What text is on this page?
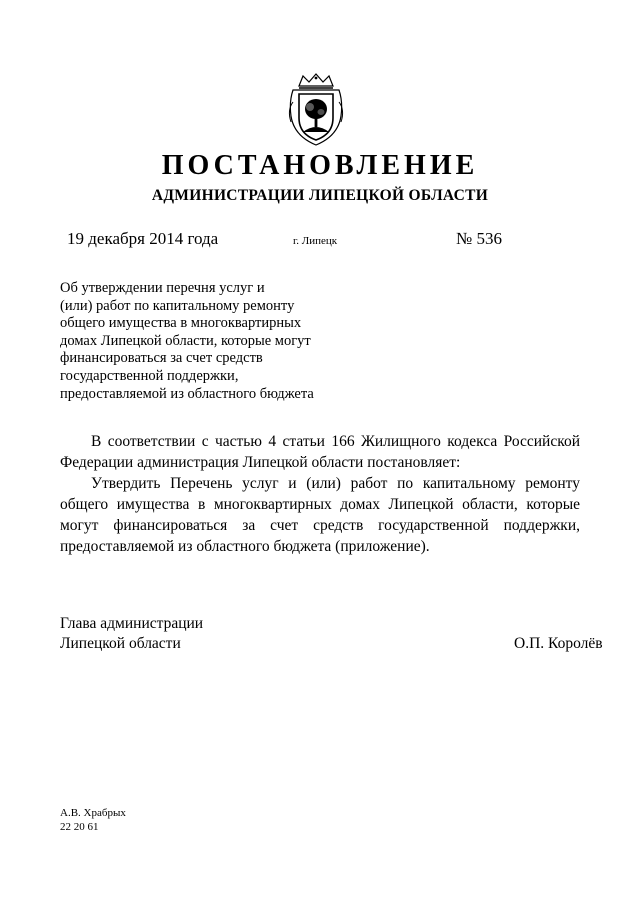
ПОСТАНОВЛЕНИЕ
АДМИНИСТРАЦИИ ЛИПЕЦКОЙ ОБЛАСТИ
19 декабря 2014 года	г. Липецк	№ 536
Об утверждении перечня услуг и
(или) работ по капитальному ремонту
общего имущества в многоквартирных
домах Липецкой области, которые могут
финансироваться за счет средств
государственной поддержки,
предоставляемой из областного бюджета

В соответствии с частью 4 статьи 166 Жилищного кодекса Российской Федерации администрация Липецкой области постановляет:

Утвердить Перечень услуг и (или) работ по капитальному ремонту общего имущества в многоквартирных домах Липецкой области, которые могут финансироваться за счет средств государственной поддержки, предоставляемой из областного бюджета (приложение).

Глава администрации
Липецкой области	О.П. Королёв
А.В. Храбрых
22 20 61
